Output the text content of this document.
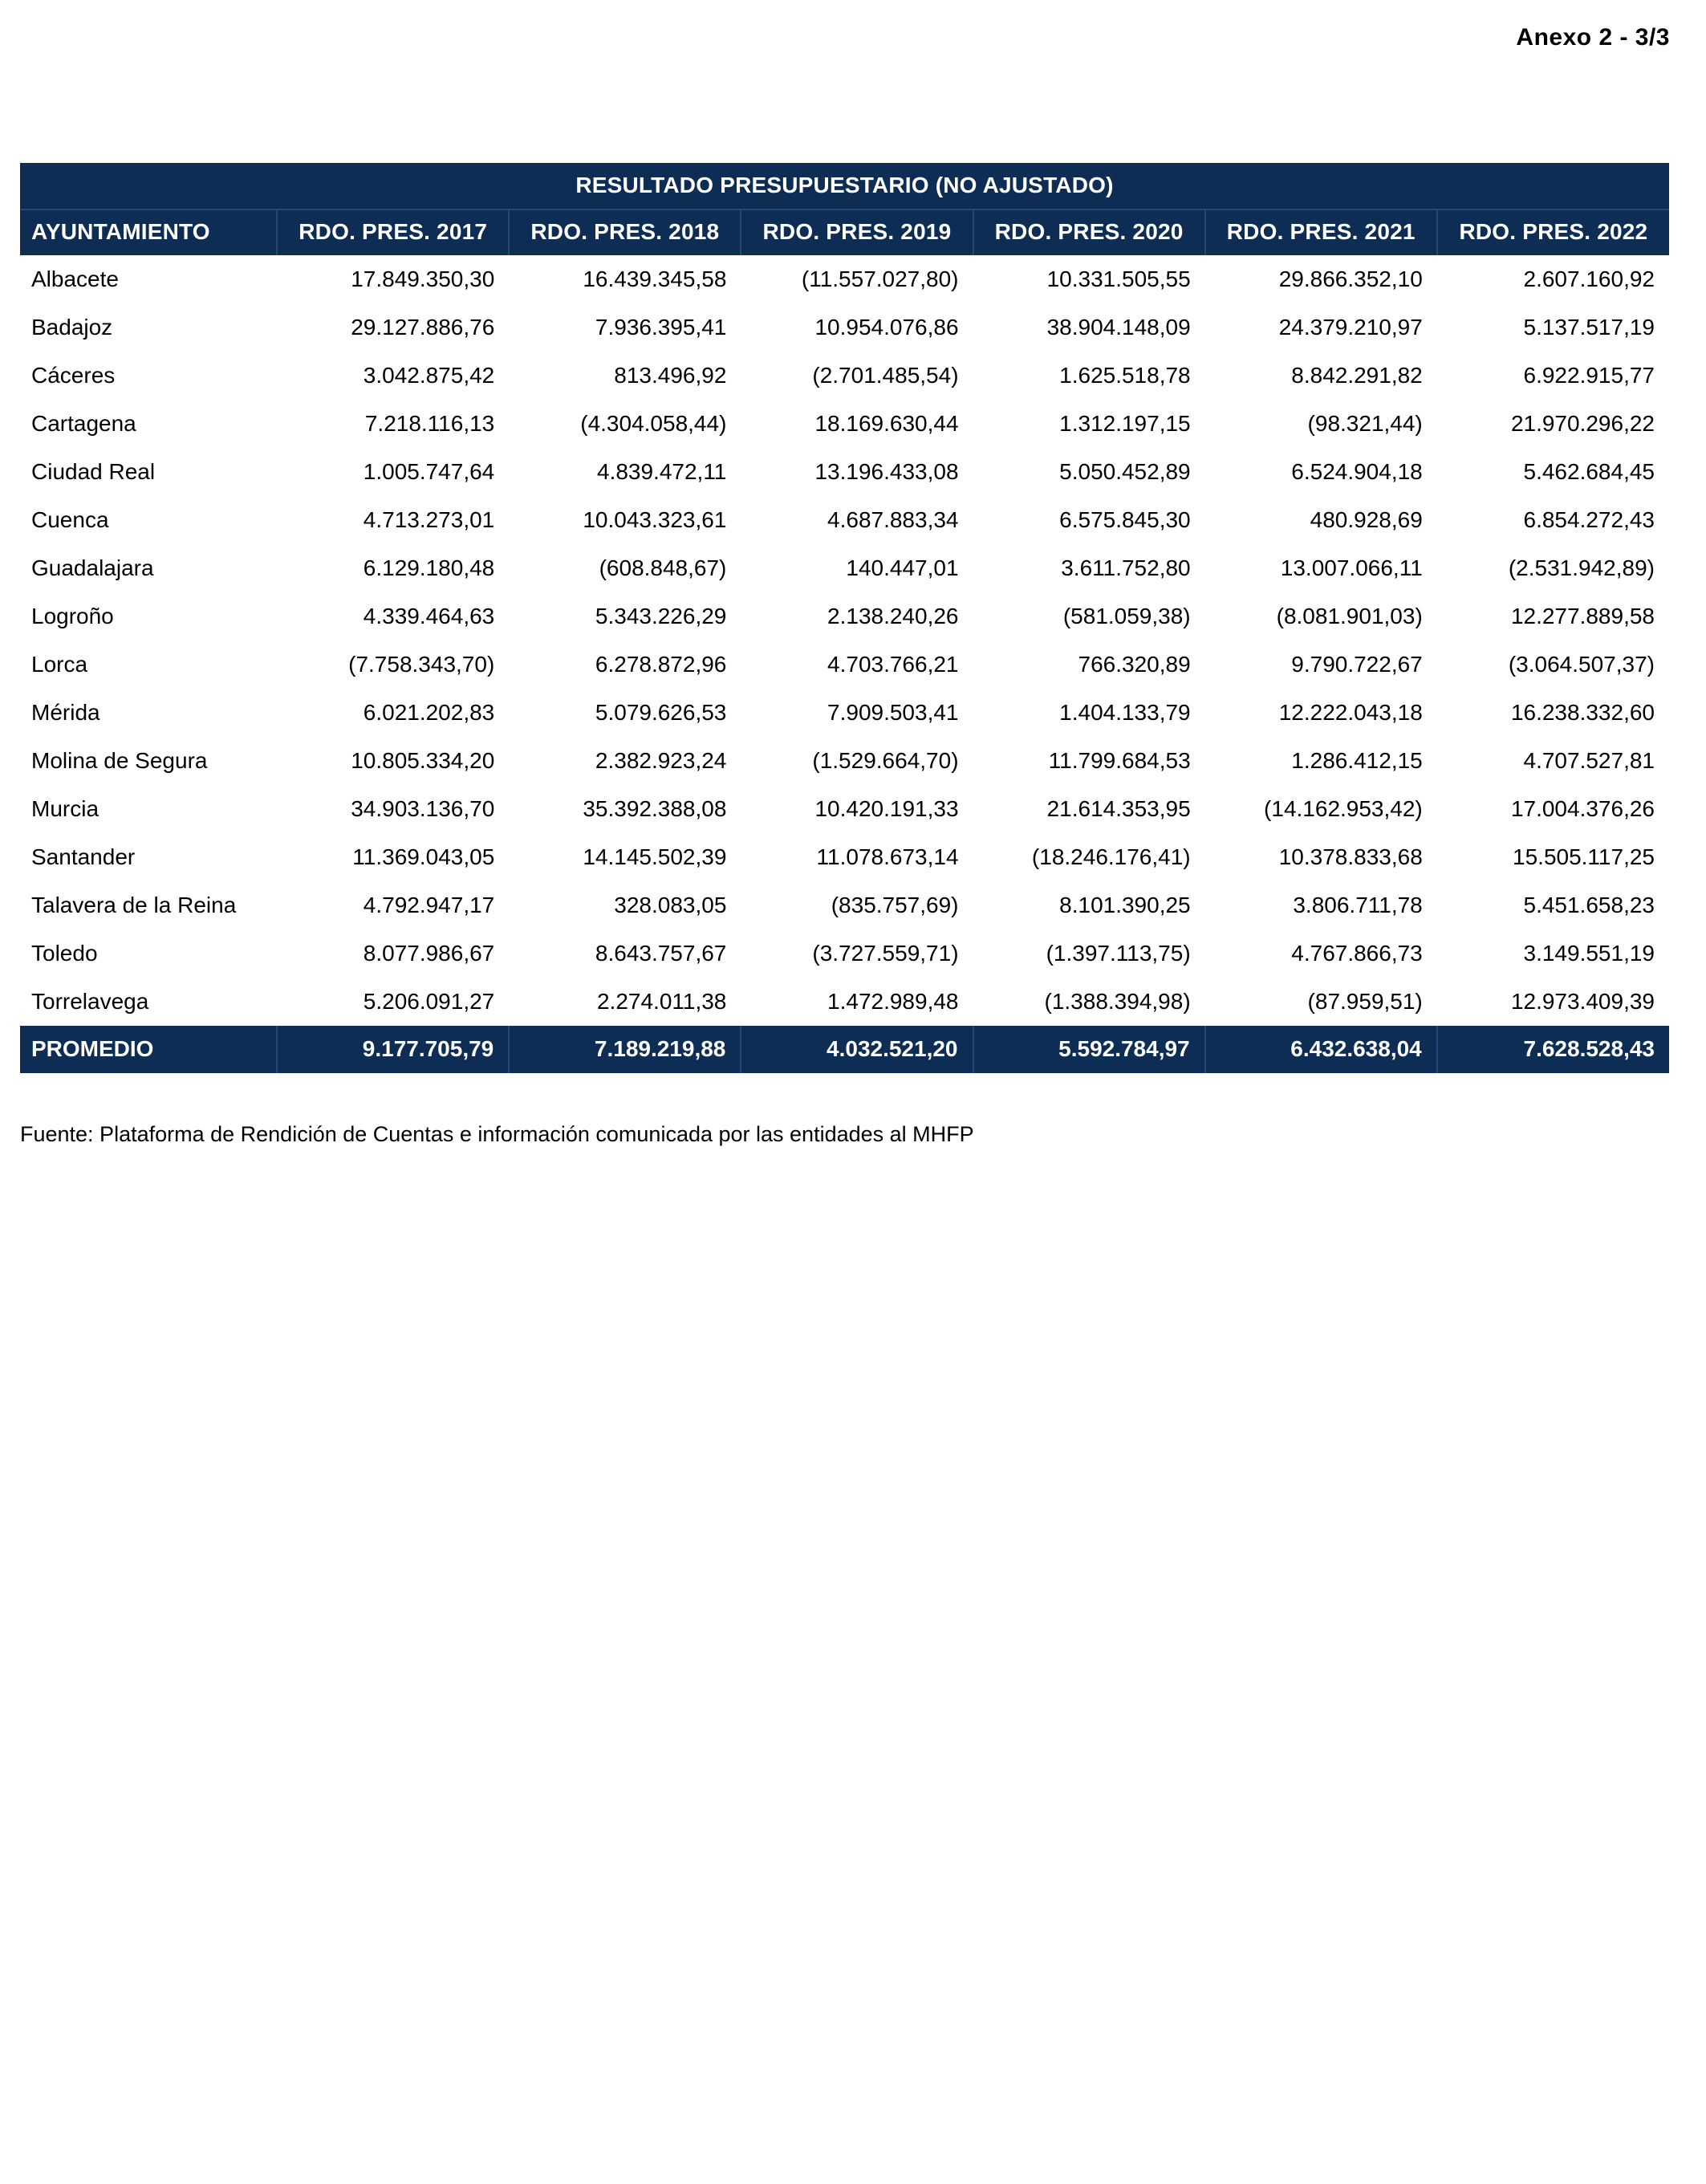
Anexo 2 - 3/3
RESULTADO PRESUPUESTARIO (NO AJUSTADO)						
AYUNTAMIENTO	RDO. PRES. 2017	RDO. PRES. 2018	RDO. PRES. 2019	RDO. PRES. 2020	RDO. PRES. 2021	RDO. PRES. 2022
Albacete	17.849.350,30	16.439.345,58	(11.557.027,80)	10.331.505,55	29.866.352,10	2.607.160,92
Badajoz	29.127.886,76	7.936.395,41	10.954.076,86	38.904.148,09	24.379.210,97	5.137.517,19
Cáceres	3.042.875,42	813.496,92	(2.701.485,54)	1.625.518,78	8.842.291,82	6.922.915,77
Cartagena	7.218.116,13	(4.304.058,44)	18.169.630,44	1.312.197,15	(98.321,44)	21.970.296,22
Ciudad Real	1.005.747,64	4.839.472,11	13.196.433,08	5.050.452,89	6.524.904,18	5.462.684,45
Cuenca	4.713.273,01	10.043.323,61	4.687.883,34	6.575.845,30	480.928,69	6.854.272,43
Guadalajara	6.129.180,48	(608.848,67)	140.447,01	3.611.752,80	13.007.066,11	(2.531.942,89)
Logroño	4.339.464,63	5.343.226,29	2.138.240,26	(581.059,38)	(8.081.901,03)	12.277.889,58
Lorca	(7.758.343,70)	6.278.872,96	4.703.766,21	766.320,89	9.790.722,67	(3.064.507,37)
Mérida	6.021.202,83	5.079.626,53	7.909.503,41	1.404.133,79	12.222.043,18	16.238.332,60
Molina de Segura	10.805.334,20	2.382.923,24	(1.529.664,70)	11.799.684,53	1.286.412,15	4.707.527,81
Murcia	34.903.136,70	35.392.388,08	10.420.191,33	21.614.353,95	(14.162.953,42)	17.004.376,26
Santander	11.369.043,05	14.145.502,39	11.078.673,14	(18.246.176,41)	10.378.833,68	15.505.117,25
Talavera de la Reina	4.792.947,17	328.083,05	(835.757,69)	8.101.390,25	3.806.711,78	5.451.658,23
Toledo	8.077.986,67	8.643.757,67	(3.727.559,71)	(1.397.113,75)	4.767.866,73	3.149.551,19
Torrelavega	5.206.091,27	2.274.011,38	1.472.989,48	(1.388.394,98)	(87.959,51)	12.973.409,39
PROMEDIO	9.177.705,79	7.189.219,88	4.032.521,20	5.592.784,97	6.432.638,04	7.628.528,43
Fuente: Plataforma de Rendición de Cuentas e información comunicada por las entidades al MHFP
